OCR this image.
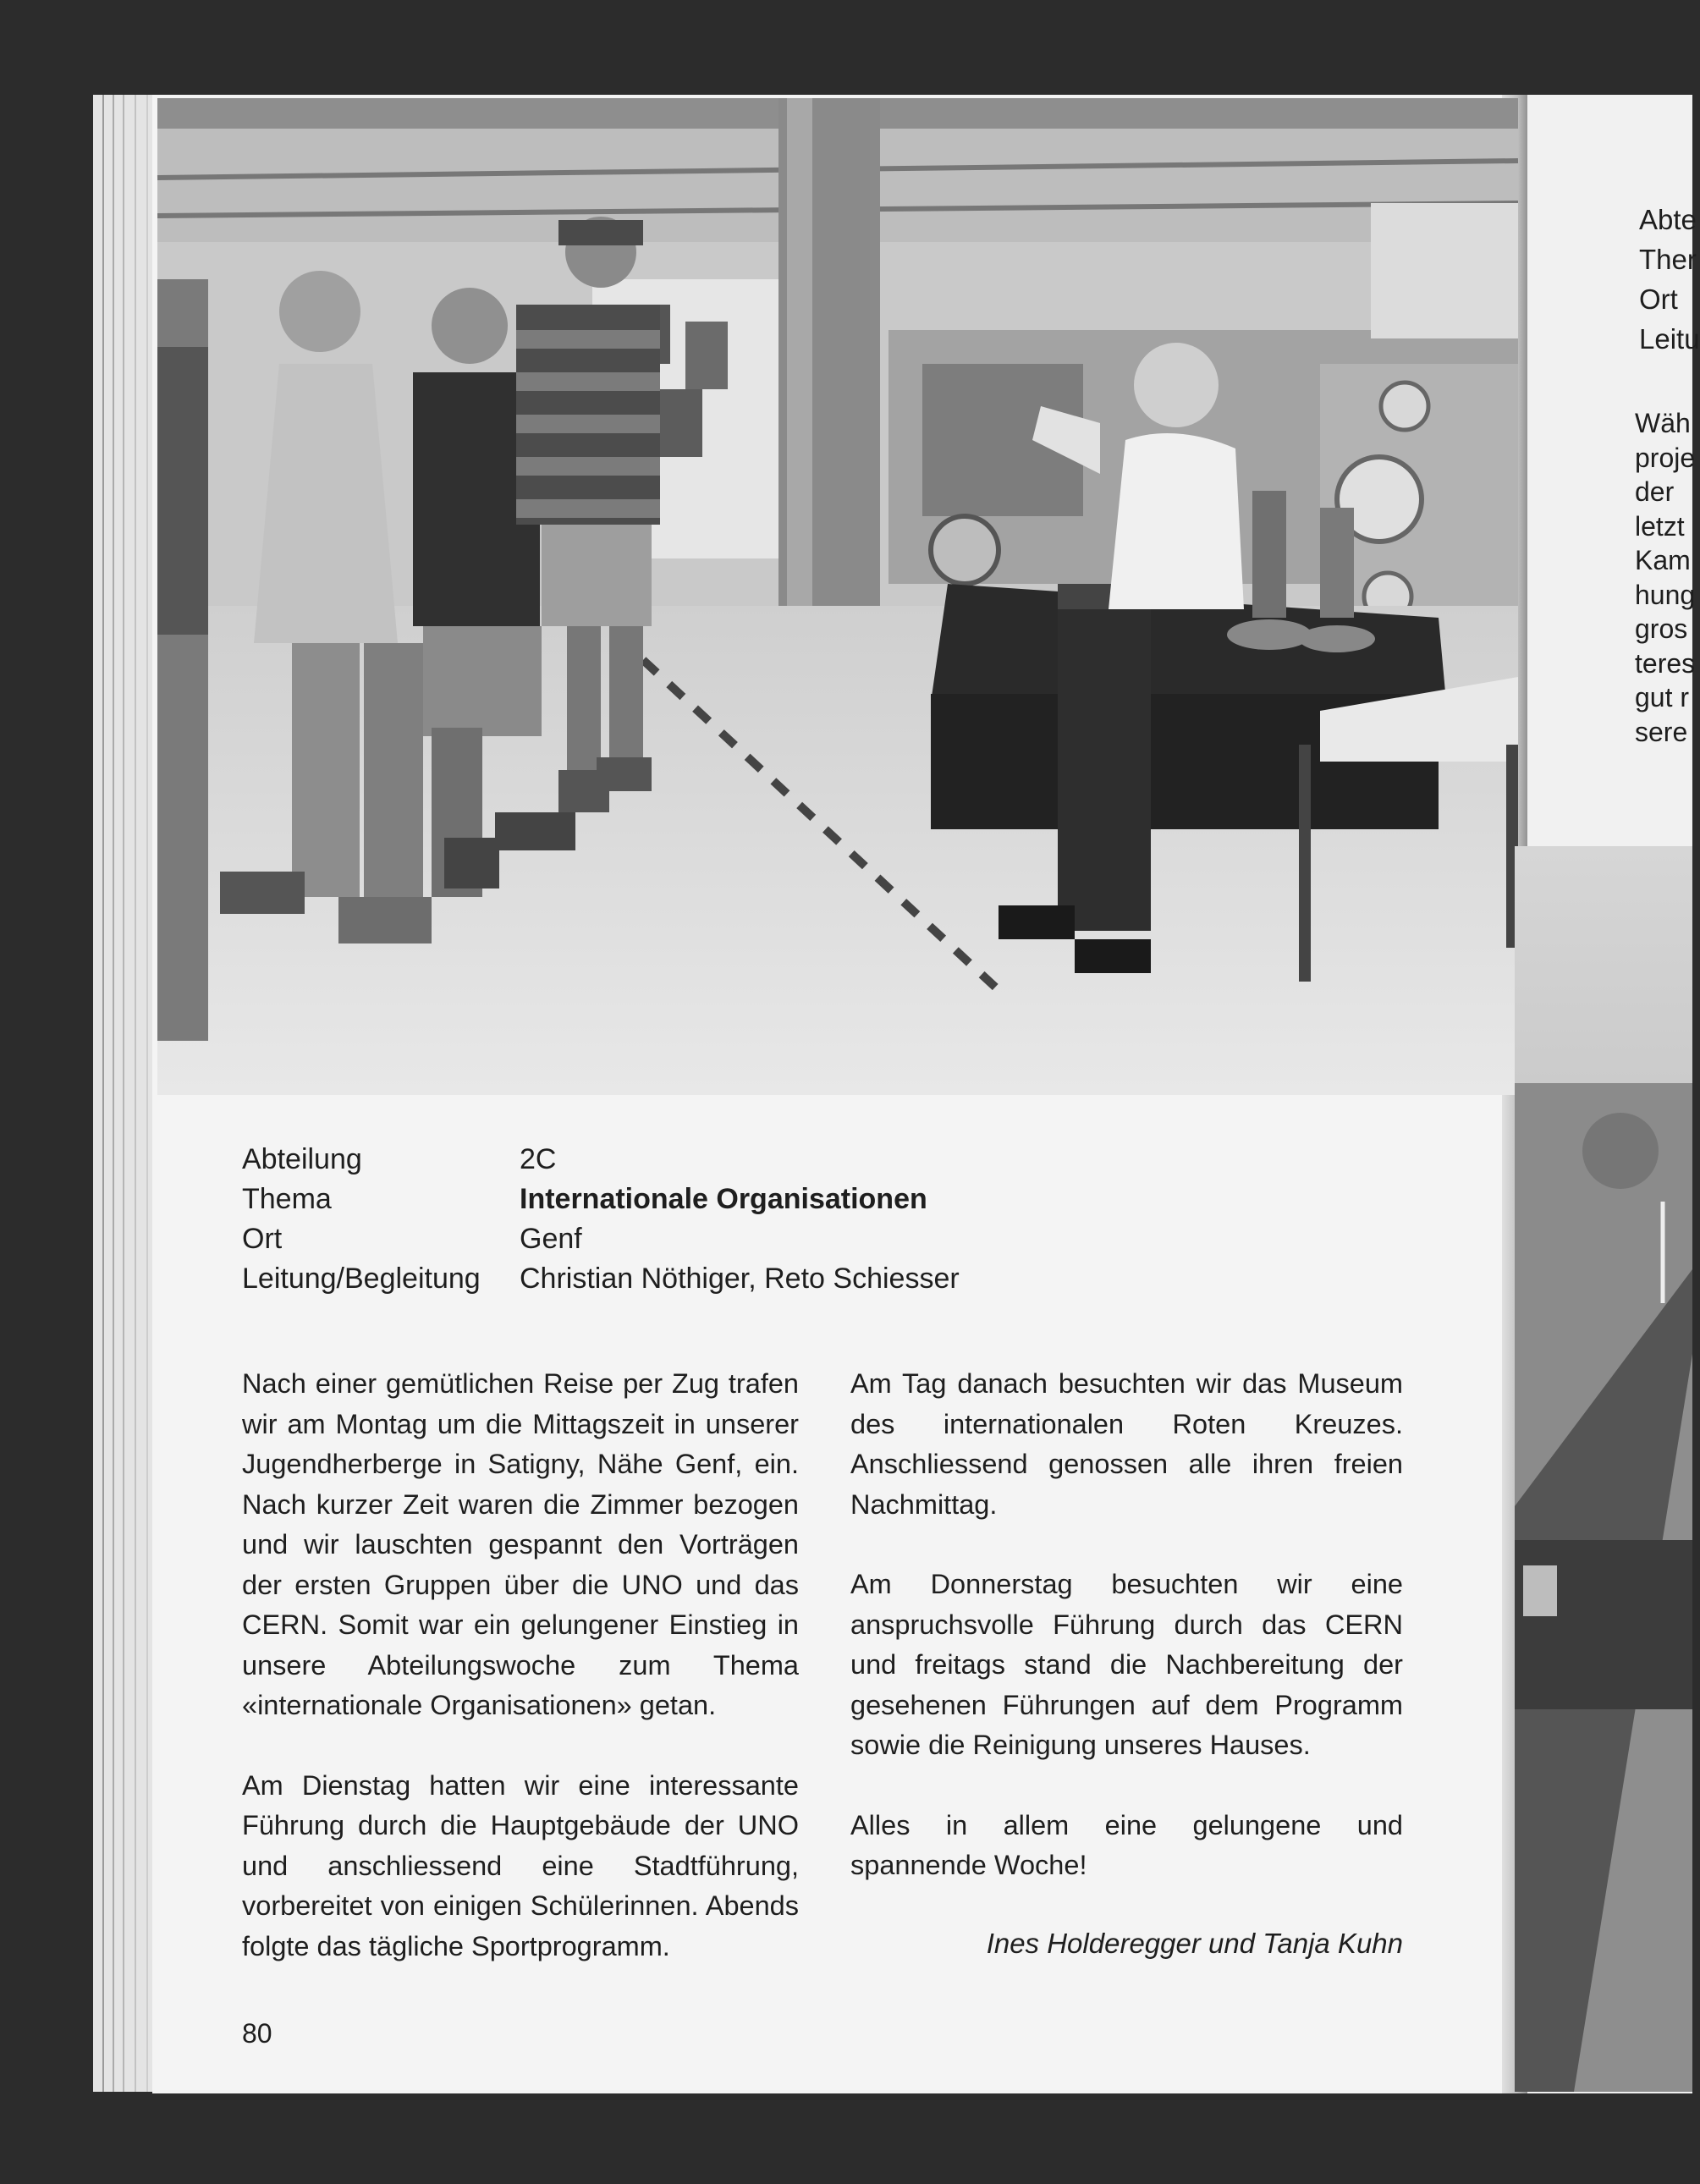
Abteilung	2C
Thema	Internationale Organisationen
Ort	Genf
Leitung/Begleitung Christian Nöthiger, Reto Schiesser

Nach einer gemütlichen Reise per Zug trafen wir am Montag um die Mittagszeit in unserer Jugendherberge in Satigny, Nähe Genf, ein. Nach kurzer Zeit waren die Zimmer bezogen und wir lauschten gespannt den Vorträgen der ersten Gruppen über die UNO und das CERN. Somit war ein gelungener Einstieg in unsere Abteilungswoche zum Thema «internationale Organisationen» getan.

Am Dienstag hatten wir eine interessante Führung durch die Hauptgebäude der UNO und anschliessend eine Stadtführung, vorbereitet von einigen Schülerinnen. Abends folgte das tägliche Sportprogramm.

Am Tag danach besuchten wir das Museum des internationalen Roten Kreuzes. Anschliessend genossen alle ihren freien Nachmittag.

Am Donnerstag besuchten wir eine anspruchsvolle Führung durch das CERN und freitags stand die Nachbereitung der gesehenen Führungen auf dem Programm sowie die Reinigung unseres Hauses.

Alles in allem eine gelungene und spannende Woche!

Ines Holderegger und Tanja Kuhn
80
Abte
Ther
Ort
Leitu
Wäh
proje
der
letzt
Kam
hung
gros
teres
gut r
sere
